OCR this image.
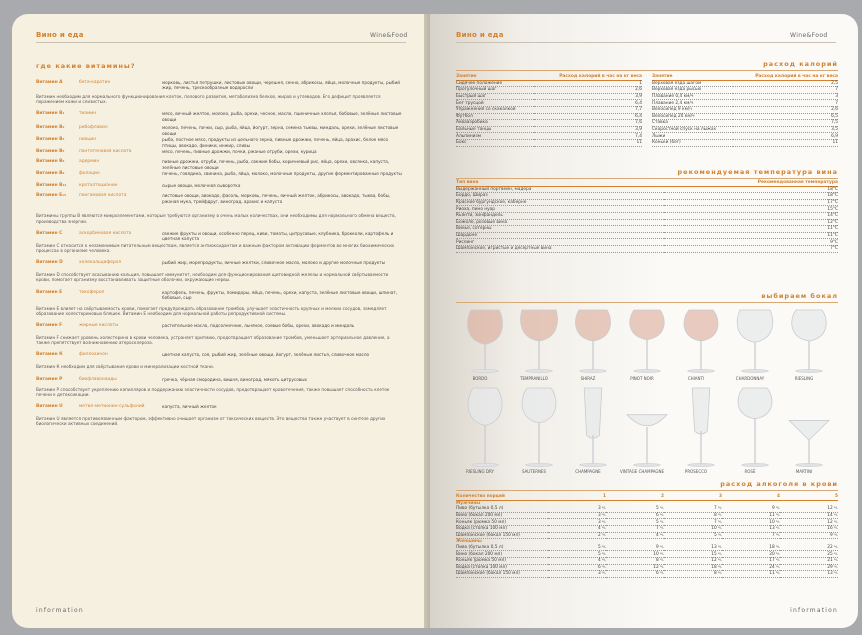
Вино и еда	Wine&Food
где какие витамины?
Витамин А	бета-каротин	морковь, листья петрушки, листовые овощи, черешня, сенно, абрикосы, яйца, молочные продукты, рыбий жир, печень, трескообразные водоросли
Витамин необходим для нормального функционирования клеток, полового развития, метаболизма белков, жиров и углеводов. Его дефицит проявляется поражением кожи и слизистых.
Витамин В₁	тиамин	мясо, вечный желток, молоко, рыба, орехи, чеснок, масло, пшеничные хлопья, бобовые, зелёные листовые овощи
Витамин В₂	рибофлавин	молоко, печень, почки, сыр, рыба, яйца, йогурт, зерна, семена тыквы, миндаль, орехи, зелёные листовые овощи
Витамин В₃	ниацин	рыба, постное мясо, продукты из цельного зерна, пивные дрожжи, печень, яйца, арахис, белое мясо птицы, авокадо, финики, инжир, сливы
Витамин В₅	пантотеновая кислота	мясо, печень, пивные дрожжи, почки, ржаные отруби, орехи, курица
Витамин В₆	адермин	пивные дрожжи, отруби, печень, рыба, свежие бобы, коричневый рис, яйца, орехи, овсянка, капуста, зелёные листовые овощи
Витамин В₉	фолацин	печень, говядина, свинина, рыба, яйца, молоко, молочные продукты, другие ферментированные продукты
Витамин В₁₂	кроталтоцианин	сырые овощи, молочная сыворотка
Витамин Е₁₅	пангамовая кислота	листовые овощи, авокадо, фасоль, морковь, печень, яичный желток, абрикосы, авокадо, тыква, бобы, ржаная мука, трейфдруг, виноград, арахис и капуста
Витамины группы В являются микроэлементами, которые требуются организму в очень малых количествах, они необходимы для нормального обмена веществ, производства энергии.
Витамин С	аскорбиновая кислота	свежие фрукты и овощи, особенно перец, киви, томаты, цитрусовые, клубника, брокколи, картофель и цветная капуста
Витамин С относится к незаменимым питательным веществам, является антиоксидантом и важным фактором активации ферментов во многих биохимических процессах в организме человека.
Витамин D	холекальциферол	рыбий жир, морепродукты, яичные желтки, сливочное масло, молоко и другие молочные продукты
Витамин D способствует всасыванию кальция, повышает иммунитет, необходим для функционирования щитовидной железы и нормальной свёртываемости крови, помогает организму восстанавливать защитные оболочки, окружающие нервы.
Витамин Е	токоферол	картофель, печень, фрукты, помидоры, яйца, печень, орехи, капуста, зелёные листовые овощи, шпинат, бобовые, сыр
Витамин Е влияет на свёртываемость крови, помогает предупреждать образование тромбов, улучшает эластичность крупных и мелких сосудов, замедляет образование холестериновых бляшек. Витамин Е необходим для нормальной работы репродуктивной системы.
Витамин F	жирные кислоты	растительное масло, подсолнечник, льняное, соевые бобы, орехи, авокадо и миндаль
Витамин F снижает уровень холестерина в крови человека, устраняет аритмию, предотвращает образование тромбов, уменьшает артериальное давление, а также препятствует возникновению атеросклероза.
Витамин К	филлохинон	цветная капуста, соя, рыбий жир, зелёные овощи, йогурт, зелёные листья, сливочное масло
Витамин К необходим для свёртывания крови и минерализации костной ткани.
Витамин Р	биофлавоноиды	гречка, чёрная смородина, вишня, виноград, мякоть цитрусовых
Витамин Р способствует укреплению капилляров и поддержанию эластичности сосудов, предотвращает кровотечения, также повышает способность клеток печени к детоксикации.
Витамин U	метил-метионин-сульфоний	капуста, яичный желток
Витамин U является противоязвенным фактором, эффективно очищает организм от токсических веществ. Это вещество также участвует в синтезе других биологически активных соединений.
information
Вино и еда	Wine&Food
расход калорий
Занятие	Расход калорий в час на кг веса
Сидячее положение	1
Прогулочный шаг	2,6
Быстрый шаг	3,9
Бег трусцой	6,4
Упражнения со скакалкой	7,7
Футбол	6,4
Аквааэробика	7,6
Бальные танцы	3,9
Альпинизм	7,4
Бокс	11
Занятие	Расход калорий в час на кг веса
Верховая езда шагом	2,5
Верховая езда рысью	7
Плавание 0,4 км/ч	3
Плавание 2,4 км/ч	7
Велосипед 9 км/ч	2,6
Велосипед 20 км/ч	6,5
Ставка	7,5
Скоростной спуск на лыжах	3,5
Лыжи	6,9
Коньки (бег)	11
рекомендуемая температура вина
Тип вина	Рекомендованная температура
Выдержанный портвейн, мадера	18°С
Бордо, Шираз	18°С
Красное бургундское, каберне	17°С
Риоха, пино нуар	15°С
Кьянти, зинфандель	14°С
Божоле, розовые вина	12°С
Винье, сотерны	11°С
Шардоне	11°С
Рислинг	9°С
Шампанское, игристые и десертные вина	7°С
выбираем бокал
BORDO	TEMPRANILLO	SHIRAZ	PINOT NOIR	CHIANTI	CHARDONNAY	RIESLING
RIESLING DRY	SAUTERNES	CHAMPAGNE	VINTAGE CHAMPAGNE	PROSECCO	ROSÉ	MARTINI
расход алкоголя в крови
Количество порций	1	2	3	4	5
Мужчины					
Пиво (бутылка 0,5 л)	3 ч.	5 ч.	7 ч.	9 ч.	12 ч.
Вино (бокал 200 мл)	3 ч.	6 ч.	8 ч.	11 ч.	14 ч.
Коньяк (рюмка 50 мл)	3 ч.	5 ч.	7 ч.	10 ч.	12 ч.
Водка (стопка 100 мл)	4 ч.	7 ч.	10 ч.	13 ч.	16 ч.
Шампанское (бокал 150 мл)	2 ч.	4 ч.	5 ч.	7 ч.	9 ч.
Женщины					
Пиво (бутылка 0,5 л)	5 ч.	9 ч.	13 ч.	18 ч.	22 ч.
Вино (бокал 200 мл)	5 ч.	10 ч.	15 ч.	20 ч.	25 ч.
Коньяк (рюмка 50 мл)	4 ч.	8 ч.	12 ч.	17 ч.	21 ч.
Водка (стопка 100 мл)	6 ч.	12 ч.	18 ч.	24 ч.	29 ч.
Шампанское (бокал 150 мл)	3 ч.	6 ч.	8 ч.	11 ч.	13 ч.
information
